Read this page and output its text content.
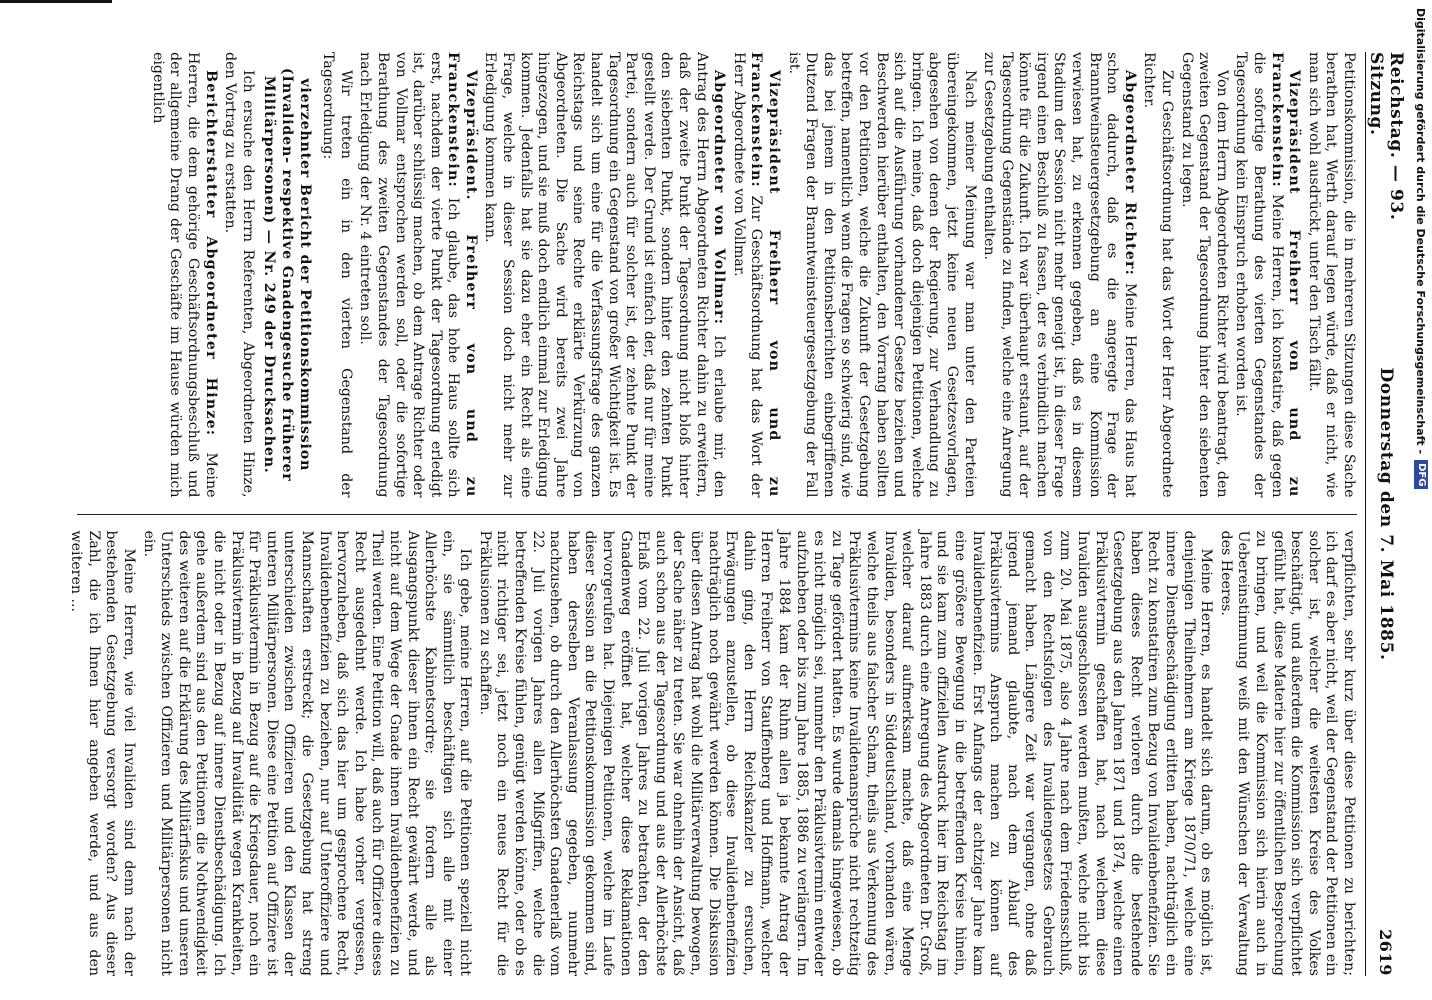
Reichstag. — 93. Sitzung.
Donnerstag den 7. Mai 1885.
2619

Petitionskommission, die in mehreren Sitzungen diese Sache berathen hat, Werth darauf legen würde, daß er nicht, wie man sich wohl ausdrückt, unter den Tisch fällt.

Vizepräsident Freiherr von und zu Franckenstein: Meine Herren, ich konstatire, daß gegen die sofortige Berathung des vierten Gegenstandes der Tagesordnung kein Einspruch erhoben worden ist.

Von dem Herrn Abgeordneten Richter wird beantragt, den zweiten Gegenstand der Tagesordnung hinter den siebenten Gegenstand zu legen.

Zur Geschäftsordnung hat das Wort der Herr Abgeordnete Richter.

Abgeordneter Richter: Meine Herren, das Haus hat schon dadurch, daß es die angeregte Frage der Branntweinsteuergesetzgebung an eine Kommission verwiesen hat, zu erkennen gegeben, daß es in diesem Stadium der Session nicht mehr geneigt ist, in dieser Frage irgend einen Beschluß zu fassen, der es verbindlich machen könnte für die Zukunft. Ich war überhaupt erstaunt, auf der Tagesordnung Gegenstände zu finden, welche eine Anregung zur Gesetzgebung enthalten.

Nach meiner Meinung war man unter den Parteien übereingekommen, jetzt keine neuen Gesetzesvorlagen, abgesehen von denen der Regierung, zur Verhandlung zu bringen. Ich meine, daß doch diejenigen Petitionen, welche sich auf die Ausführung vorhandener Gesetze beziehen und Beschwerden hierüber enthalten, den Vorrang haben sollten vor den Petitionen, welche die Zukunft der Gesetzgebung betreffen, namentlich wenn die Fragen so schwierig sind, wie das bei jenem in den Petitionsberichten einbegriffenen Dutzend Fragen der Branntweinsteuergesetzgebung der Fall ist.

Vizepräsident Freiherr von und zu Franckenstein: Zur Geschäftsordnung hat das Wort der Herr Abgeordnete von Vollmar.

Abgeordneter von Vollmar: Ich erlaube mir, den Antrag des Herrn Abgeordneten Richter dahin zu erweitern, daß der zweite Punkt der Tagesordnung nicht bloß hinter den siebenten Punkt, sondern hinter den zehnten Punkt gestellt werde. Der Grund ist einfach der, daß nur für meine Partei, sondern auch für solcher ist, der zehnte Punkt der Tagesordnung ein Gegenstand von großer Wichtigkeit ist. Es handelt sich um eine für die Verfassungsfrage des ganzen Reichstags und seine Rechte erklärte Verkürzung von Abgeordneten. Die Sache wird bereits zwei Jahre hingezogen, und sie muß doch endlich einmal zur Erledigung kommen. Jedenfalls hat sie dazu eher ein Recht als eine Frage, welche in dieser Session doch nicht mehr zur Erledigung kommen kann.

Vizepräsident. Freiherr von und zu Franckenstein: Ich glaube, das hohe Haus sollte sich erst, nachdem der vierte Punkt der Tagesordnung erledigt ist, darüber schlüssig machen, ob dem Antrage Richter oder von Vollmar entsprochen werden soll, oder die sofortige Berathung des zweiten Gegenstandes der Tagesordnung nach Erledigung der Nr. 4 eintreten soll.

Wir treten ein in den vierten Gegenstand der Tagesordnung:

vierzehnter Bericht der Petitionskommission (Invaliden- respektive Gnadengesuche früherer Militärpersonen) — Nr. 249 der Drucksachen.

Ich ersuche den Herrn Referenten, Abgeordneten Hinze, den Vortrag zu erstatten.

Berichterstatter Abgeordneter Hinze: Meine Herren, die dem gehörige Geschäftsordnungsbeschluß und der allgemeine Drang der Geschäfte im Hause würden mich eigentlich

verpflichten, sehr kurz über diese Petitionen zu berichten; ich darf es aber nicht, weil der Gegenstand der Petitionen ein solcher ist, welcher die weitesten Kreise des Volkes beschäftigt, und außerdem die Kommission sich verpflichtet gefühlt hat, diese Materie hier zur öffentlichen Besprechung zu bringen, und weil die Kommission sich hierin auch in Uebereinstimmung weiß mit den Wünschen der Verwaltung des Heeres.

Meine Herren, es handelt sich darum, ob es möglich ist, denjenigen Theilnehmern am Kriege 1870/71, welche eine innere Dienstbeschädigung erlitten haben, nachträglich ein Recht zu konstatiren zum Bezug von Invalidenbenefizien. Sie haben dieses Recht verloren durch die bestehende Gesetzgebung aus den Jahren 1871 und 1874, welche einen Präklusivtermin geschaffen hat, nach welchem diese Invaliden ausgeschlossen werden mußten, welche nicht bis zum 20. Mai 1875, also 4 Jahre nach dem Friedensschluß, von den Rechtsfolgen des Invalidengesetzes Gebrauch gemacht haben. Längere Zeit war vergangen, ohne daß irgend jemand glaubte, nach dem Ablauf des Präklusivtermins Anspruch machen zu können auf Invalidenbenefizien. Erst Anfangs der achtziger Jahre kam eine größere Bewegung in die betreffenden Kreise hinein, und sie kam zum offiziellen Ausdruck hier im Reichstag im Jahre 1883 durch eine Anregung des Abgeordneten Dr. Groß, welcher darauf aufmerksam machte, daß eine Menge Invaliden, besonders in Süddeutschland, vorhanden wären, welche theils aus falscher Scham, theils aus Verkennung des Präklusivtermins keine Invalidenansprüche nicht rechtzeitig zu Tage gefördert hatten. Es wurde damals hingewiesen, ob es nicht möglich sei, nunmehr den Präklusivtermin entweder aufzuheben oder bis zum Jahre 1885, 1886 zu verlängern. Im Jahre 1884 kam der Ruhm allen ja bekannte Antrag der Herren Freiherr von Stauffenberg und Hoffmann, welcher dahin ging, den Herrn Reichskanzler zu ersuchen, Erwägungen anzustellen, ob diese Invalidenbenefizien nachträglich noch gewährt werden können. Die Diskussion über diesen Antrag hat wohl die Militärverwaltung bewogen, der Sache näher zu treten. Sie war ohnehin der Ansicht, daß auch schon aus der Tagesordnung und aus der Allerhöchste Erlaß vom 22. Juli vorigen Jahres zu betrachten, der den Gnadenweg eröffnet hat, welcher diese Reklamationen hervorgerufen hat. Diejenigen Petitionen, welche im Laufe dieser Session an die Petitionskommission gekommen sind, haben derselben Veranlassung gegeben, nunmehr nachzusehen, ob durch den Allerhöchsten Gnadenerlaß vom 22. Juli vorigen Jahres allen Mißgriffen, welche die betreffenden Kreise fühlen, genügt werden könne, oder ob es nicht richtiger sei, jetzt noch ein neues Recht für die Präklusionen zu schaffen.

Ich gebe, meine Herren, auf die Petitionen speziell nicht ein, sie sämmtlich beschäftigen sich alle mit einer Allerhöchste Kabinetsordre; sie fordern alle als Ausgangspunkt dieser ihnen ein Recht gewährt werde, und nicht auf dem Wege der Gnade ihnen Invalidenbenefizien zu Theil werden. Eine Petition will, daß auch für Offiziere dieses Recht ausgedehnt werde. Ich habe vorher vergessen, hervorzuheben, daß sich das hier um gesprochene Recht, Invalidenbenefizien zu beziehen, nur auf Unteroffiziere und Mannschaften erstreckt; die Gesetzgebung hat streng unterschieden zwischen Offizieren und den Klassen der unteren Militärpersonen. Diese eine Petition auf Offiziere ist für Präklusivtermin in Bezug auf die Kriegsdauer, noch ein Präklusivtermin in Bezug auf Invalidität wegen Krankheiten, die nicht oder in Bezug auf innere Dienstbeschädigung. Ich gehe außerdem sind aus den Petitionen die Nothwendigkeit des weiteren auf die Erklärung des Militärfiskus und unseren Unterschieds zwischen Offizieren und Militärpersonen nicht ein.

Meine Herren, wie viel Invaliden sind denn nach der bestehenden Gesetzgebung versorgt worden? Aus dieser Zahl, die ich Ihnen hier angeben werde, und aus den weiteren ...

Digitalisierung gefördert durch die Deutsche Forschungsgemeinschaft -
DFG
